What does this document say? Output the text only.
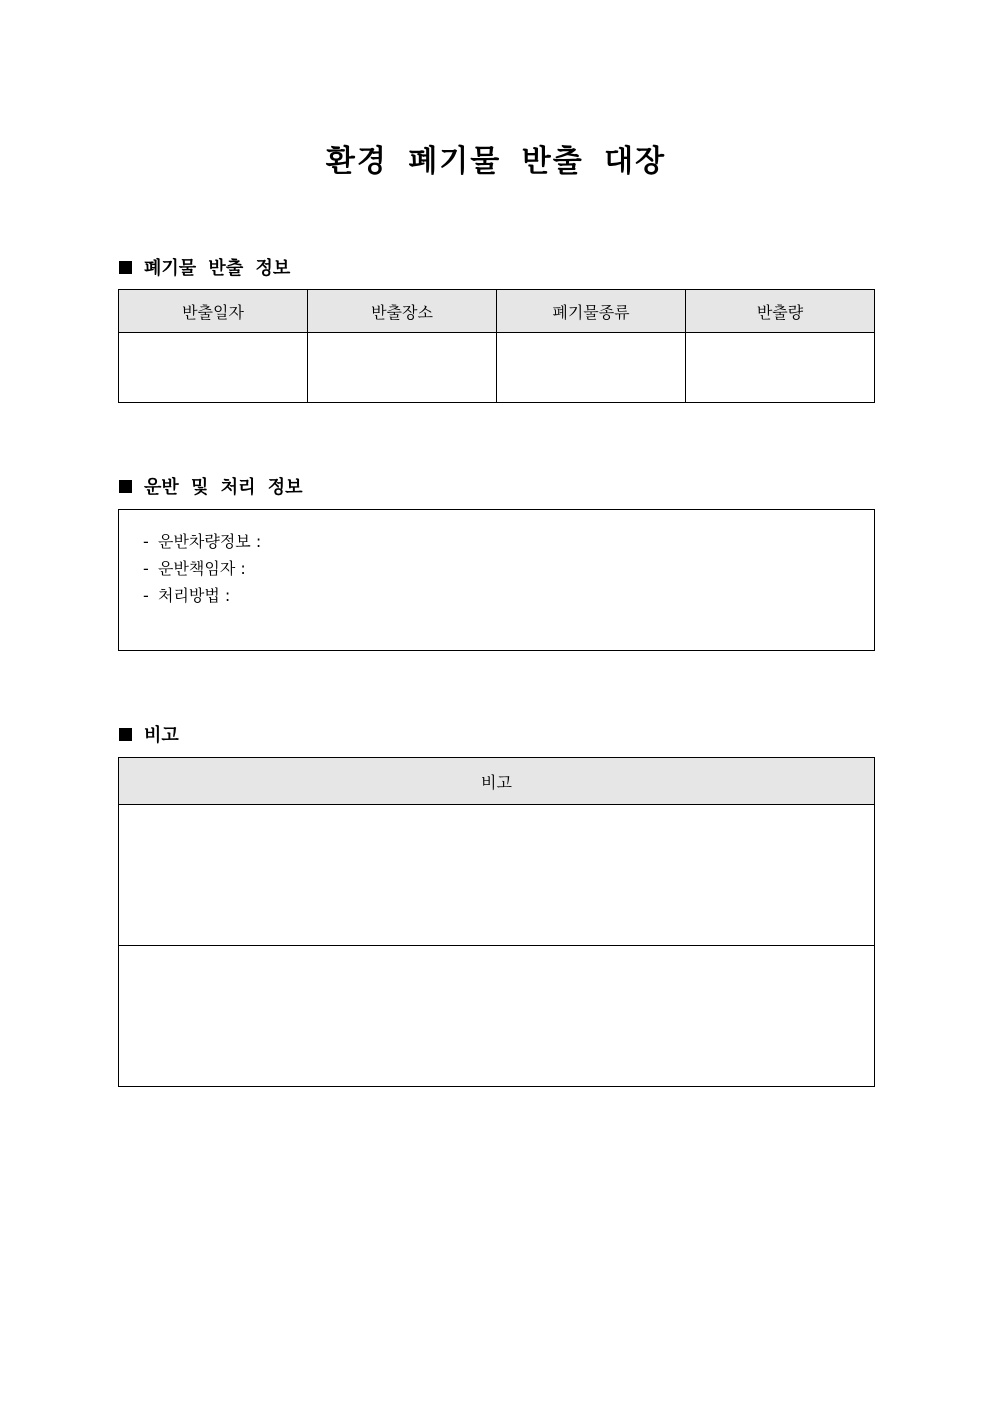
환경 폐기물 반출 대장
폐기물 반출 정보
반출일자	반출장소	폐기물종류	반출량

운반 및 처리 정보
- 운반차량정보 :
- 운반책임자 :
- 처리방법 :
비고
비고
